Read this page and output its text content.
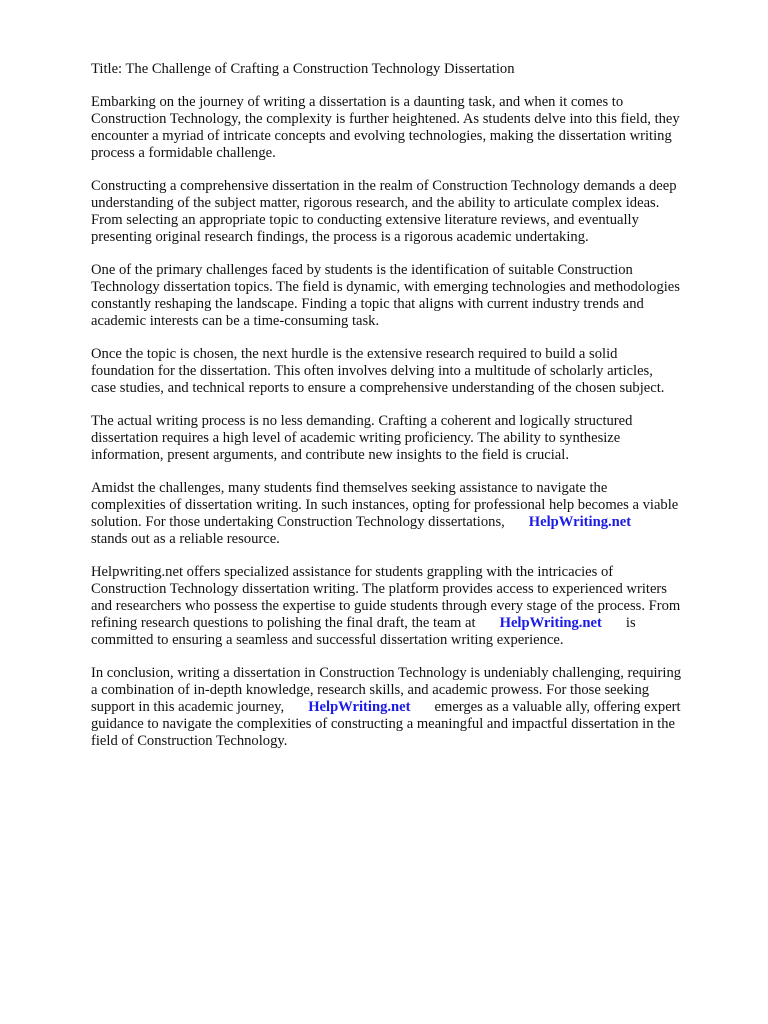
Title: The Challenge of Crafting a Construction Technology Dissertation
Embarking on the journey of writing a dissertation is a daunting task, and when it comes to
Construction Technology, the complexity is further heightened. As students delve into this field, they
encounter a myriad of intricate concepts and evolving technologies, making the dissertation writing
process a formidable challenge.
Constructing a comprehensive dissertation in the realm of Construction Technology demands a deep
understanding of the subject matter, rigorous research, and the ability to articulate complex ideas.
From selecting an appropriate topic to conducting extensive literature reviews, and eventually
presenting original research findings, the process is a rigorous academic undertaking.
One of the primary challenges faced by students is the identification of suitable Construction
Technology dissertation topics. The field is dynamic, with emerging technologies and methodologies
constantly reshaping the landscape. Finding a topic that aligns with current industry trends and
academic interests can be a time-consuming task.
Once the topic is chosen, the next hurdle is the extensive research required to build a solid
foundation for the dissertation. This often involves delving into a multitude of scholarly articles,
case studies, and technical reports to ensure a comprehensive understanding of the chosen subject.
The actual writing process is no less demanding. Crafting a coherent and logically structured
dissertation requires a high level of academic writing proficiency. The ability to synthesize
information, present arguments, and contribute new insights to the field is crucial.
Amidst the challenges, many students find themselves seeking assistance to navigate the
complexities of dissertation writing. In such instances, opting for professional help becomes a viable
solution. For those undertaking Construction Technology dissertations, HelpWriting.net
stands out as a reliable resource.
Helpwriting.net offers specialized assistance for students grappling with the intricacies of
Construction Technology dissertation writing. The platform provides access to experienced writers
and researchers who possess the expertise to guide students through every stage of the process. From
refining research questions to polishing the final draft, the team at HelpWriting.net is
committed to ensuring a seamless and successful dissertation writing experience.
In conclusion, writing a dissertation in Construction Technology is undeniably challenging, requiring
a combination of in-depth knowledge, research skills, and academic prowess. For those seeking
support in this academic journey, HelpWriting.net emerges as a valuable ally, offering expert
guidance to navigate the complexities of constructing a meaningful and impactful dissertation in the
field of Construction Technology.
